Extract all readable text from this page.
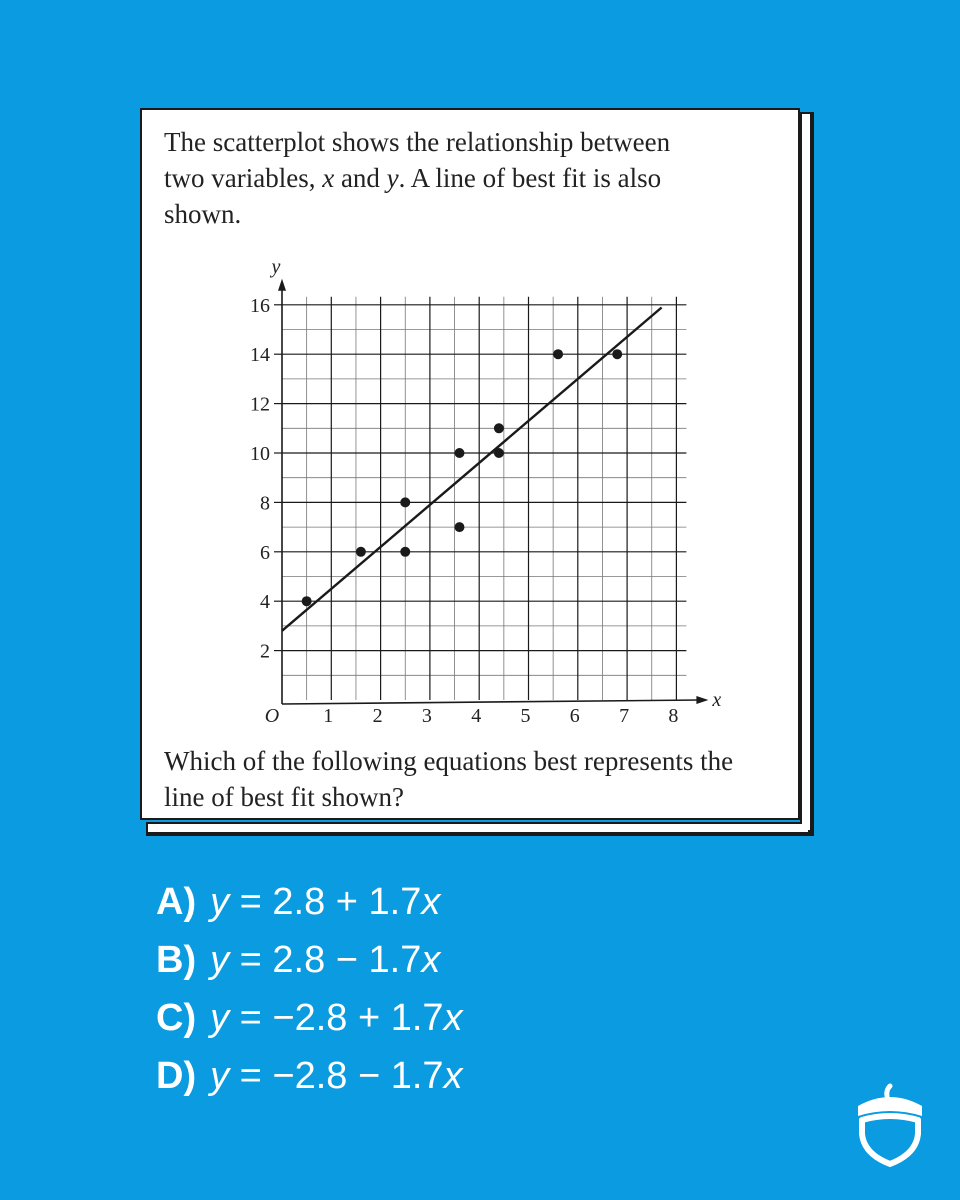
The scatterplot shows the relationship between
two variables, x and y. A line of best fit is also
shown.

1 2 3 4 5 6 7 8
2
4
6
8
10
12
14
16
x
y
O

Which of the following equations best represents the
line of best fit shown?

A) y = 2.8 + 1.7x
B) y = 2.8 − 1.7x
C) y = −2.8 + 1.7x
D) y = −2.8 − 1.7x
